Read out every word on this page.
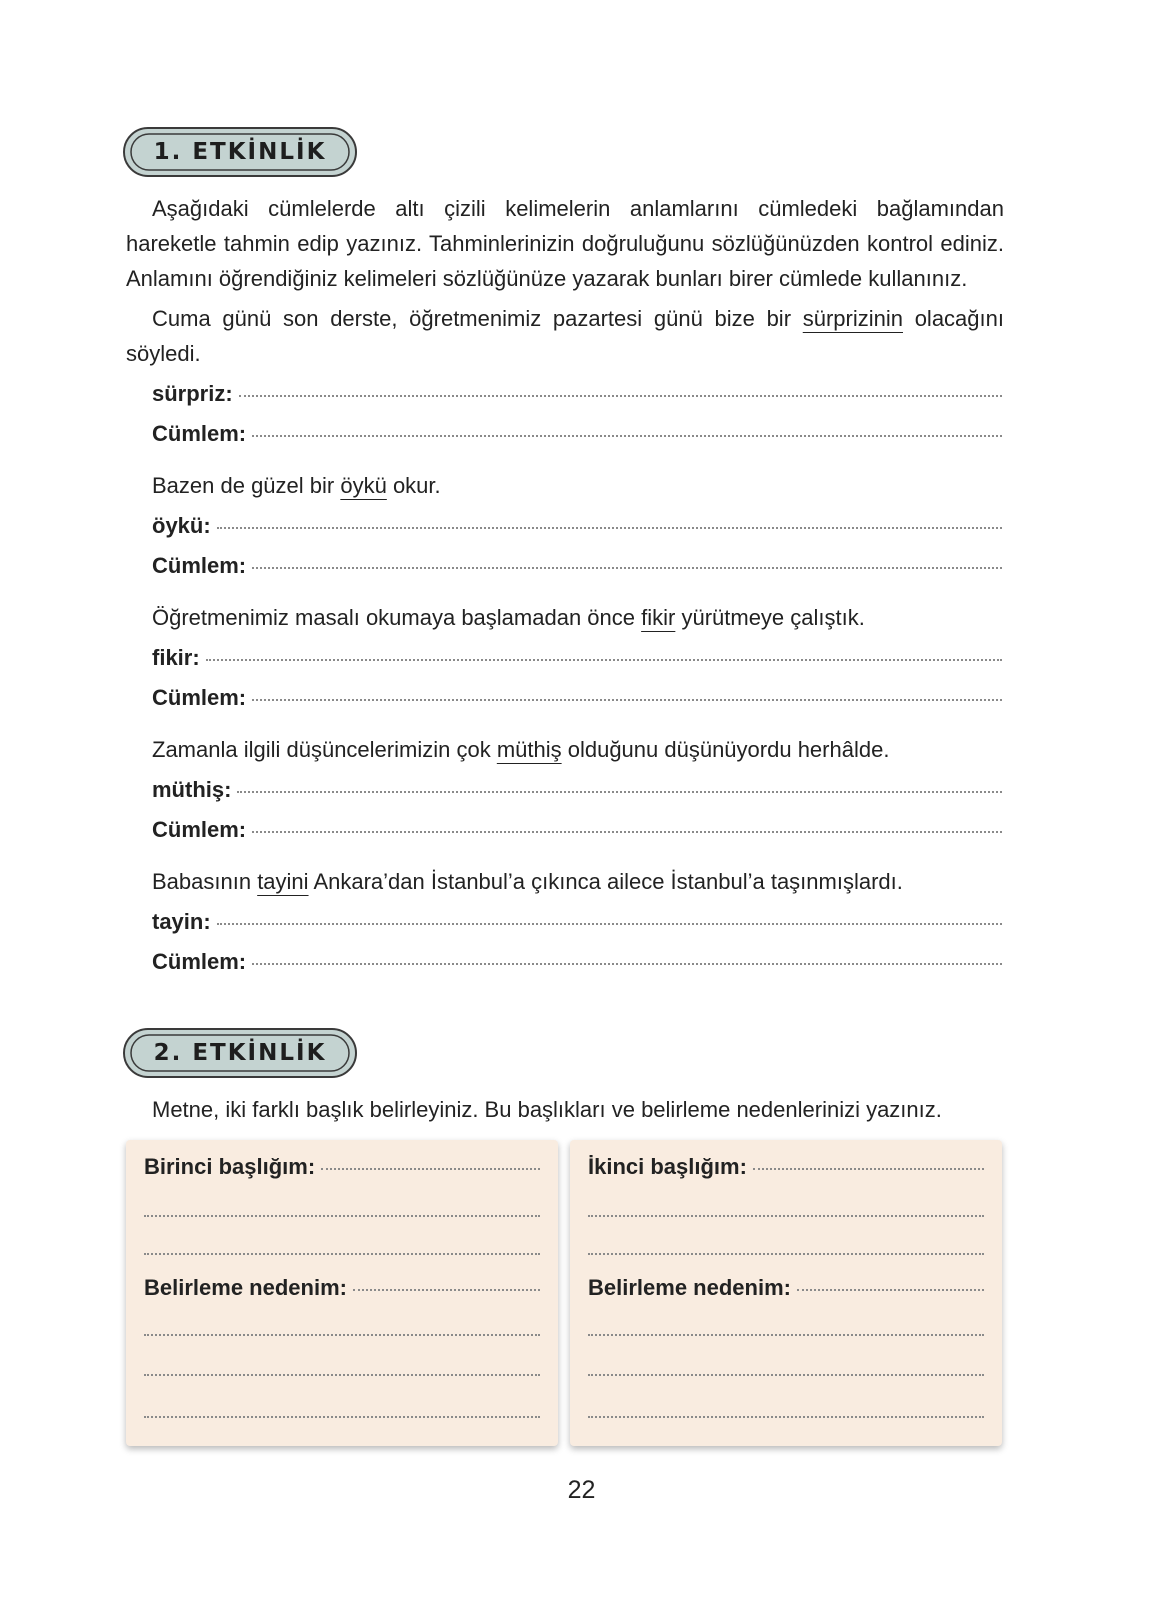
1. ETKİNLİK

Aşağıdaki cümlelerde altı çizili kelimelerin anlamlarını cümledeki bağlamından hareketle tahmin edip yazınız. Tahminlerinizin doğruluğunu sözlüğünüzden kontrol ediniz. Anlamını öğrendiğiniz kelimeleri sözlüğünüze yazarak bunları birer cümlede kullanınız.

Cuma günü son derste, öğretmenimiz pazartesi günü bize bir sürprizinin olacağını söyledi.

sürpriz:
Cümlem:
Bazen de güzel bir öykü okur.
öykü:
Cümlem:
Öğretmenimiz masalı okumaya başlamadan önce fikir yürütmeye çalıştık.
fikir:
Cümlem:
Zamanla ilgili düşüncelerimizin çok müthiş olduğunu düşünüyordu herhâlde.
müthiş:
Cümlem:
Babasının tayini Ankara’dan İstanbul’a çıkınca ailece İstanbul’a taşınmışlardı.
tayin:
Cümlem:
2. ETKİNLİK
Metne, iki farklı başlık belirleyiniz. Bu başlıkları ve belirleme nedenlerinizi yazınız.
Birinci başlığım:
Belirleme nedenim:
İkinci başlığım:
Belirleme nedenim:
22
